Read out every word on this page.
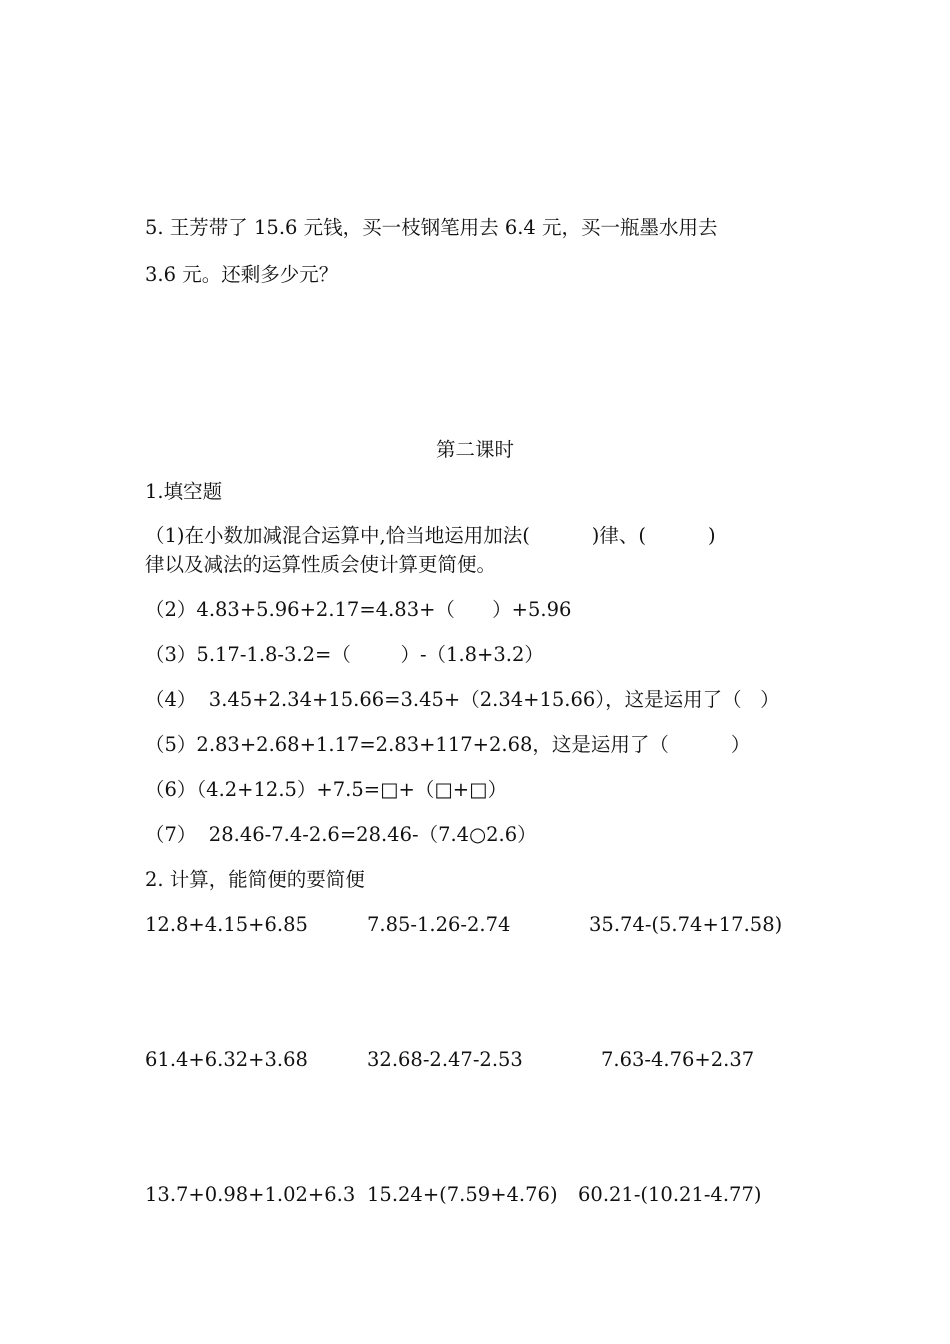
5. 王芳带了 15.6 元钱，买一枝钢笔用去 6.4 元，买一瓶墨水用去
3.6 元。还剩多少元？
第二课时
1.填空题
（1)在小数加减混合运算中,恰当地运用加法(          )律、(          )
律以及减法的运算性质会使计算更简便。
（2）4.83+5.96+2.17=4.83+（      ）+5.96
（3）5.17-1.8-3.2=（        ）-（1.8+3.2）
（4）  3.45+2.34+15.66=3.45+（2.34+15.66），这是运用了（   ）
（5）2.83+2.68+1.17=2.83+117+2.68，这是运用了（          ）
（6）（4.2+12.5）+7.5=□+（□+□）
（7）  28.46-7.4-2.6=28.46-（7.4○2.6）
2. 计算，能简便的要简便
12.8+4.15+6.85	7.85-1.26-2.74	35.74-(5.74+17.58)
61.4+6.32+3.68	32.68-2.47-2.53	7.63-4.76+2.37
13.7+0.98+1.02+6.3 15.24+(7.59+4.76) 60.21-(10.21-4.77)
